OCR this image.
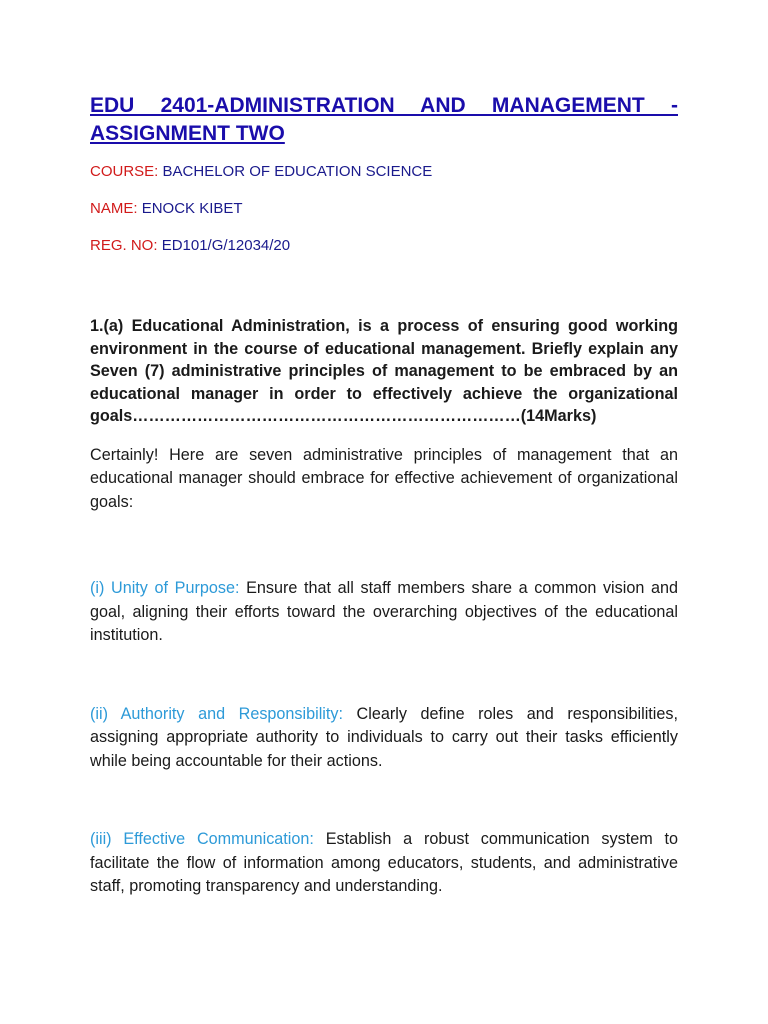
EDU 2401-ADMINISTRATION AND MANAGEMENT - ASSIGNMENT TWO

COURSE: BACHELOR OF EDUCATION SCIENCE

NAME: ENOCK KIBET

REG. NO: ED101/G/12034/20

1.(a) Educational Administration, is a process of ensuring good working environment in the course of educational management. Briefly explain any Seven (7) administrative principles of management to be embraced by an educational manager in order to effectively achieve the organizational goals………………………………………………………………(14Marks)

Certainly! Here are seven administrative principles of management that an educational manager should embrace for effective achievement of organizational goals:

(i) Unity of Purpose: Ensure that all staff members share a common vision and goal, aligning their efforts toward the overarching objectives of the educational institution.

(ii) Authority and Responsibility: Clearly define roles and responsibilities, assigning appropriate authority to individuals to carry out their tasks efficiently while being accountable for their actions.

(iii) Effective Communication: Establish a robust communication system to facilitate the flow of information among educators, students, and administrative staff, promoting transparency and understanding.
